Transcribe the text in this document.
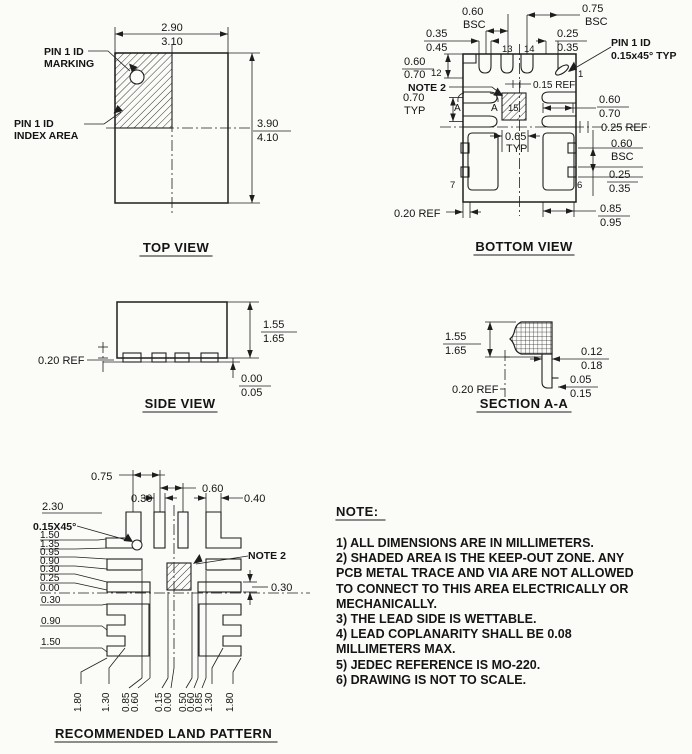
2.90
3.10
3.90
4.10
PIN 1 ID
MARKING
PIN 1 ID
INDEX AREA
TOP VIEW
0.60
BSC
0.75
BSC
0.35
0.45
0.25
0.35	PIN 1 ID
0.15x45° TYP
0.15 REF
0.60
0.70
NOTE 2
0.70
TYP
12
13 14
1
15
7	6
A	A
0.65
TYP
0.60
0.70
0.25 REF
0.60
BSC
0.25
0.35
0.85
0.95
0.20 REF
BOTTOM VIEW
0.20 REF
1.55
1.65
0.00
0.05
SIDE VIEW
1.55
1.65
0.20 REF
0.12
0.18
0.05
0.15
SECTION A-A
0.75
0.30
0.60
0.40
2.30
0.15X45°
NOTE 2
1.50
1.35
0.95
0.90
0.30
0.25
0.00
0.30
0.90
1.50
0.30
1.80 1.30 0.85
0.60 0.15
0.00 0.50
0.60
0.85 1.30 1.80
RECOMMENDED LAND PATTERN
NOTE:
1) ALL DIMENSIONS ARE IN MILLIMETERS.
2) SHADED AREA IS THE KEEP-OUT ZONE. ANY
PCB METAL TRACE AND VIA ARE NOT ALLOWED
TO CONNECT TO THIS AREA ELECTRICALLY OR
MECHANICALLY.
3) THE LEAD SIDE IS WETTABLE.
4) LEAD COPLANARITY SHALL BE 0.08
MILLIMETERS MAX.
5) JEDEC REFERENCE IS MO-220.
6) DRAWING IS NOT TO SCALE.
